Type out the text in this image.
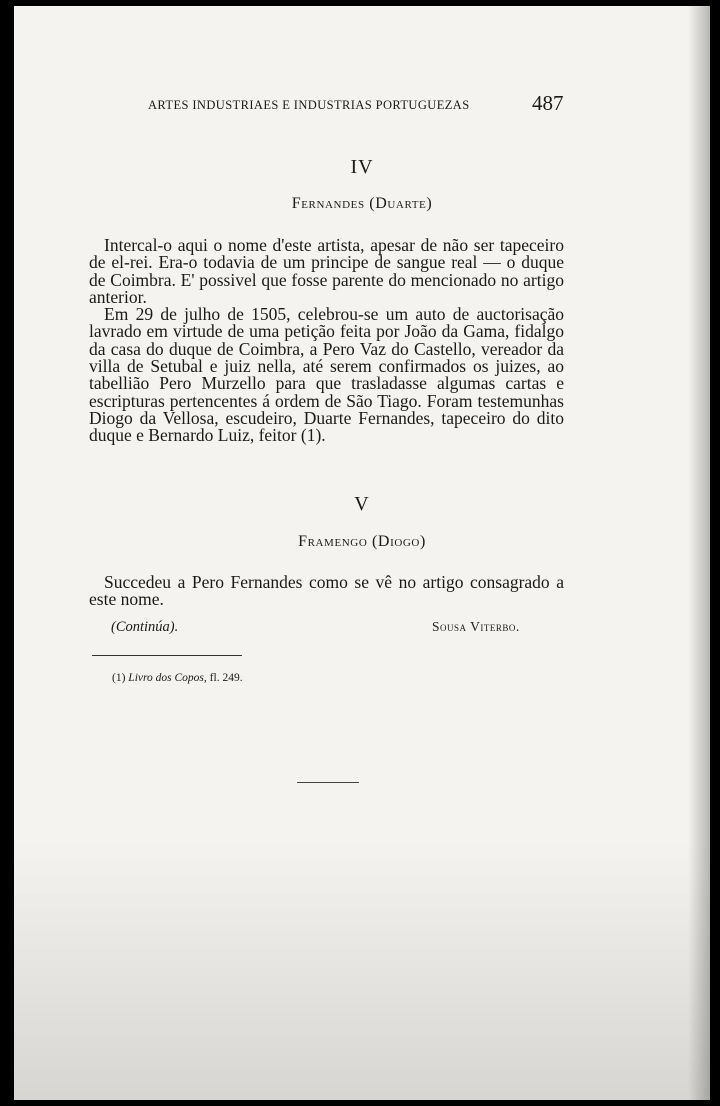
ARTES INDUSTRIAES E INDUSTRIAS PORTUGUEZAS	487
IV
Fernandes (Duarte)

Intercal-o aqui o nome d'este artista, apesar de não ser tapeceiro de el-rei. Era-o todavia de um principe de sangue real — o duque de Coimbra. E' possivel que fosse parente do mencionado no artigo anterior.

Em 29 de julho de 1505, celebrou-se um auto de auctorisação lavrado em virtude de uma petição feita por João da Gama, fidalgo da casa do duque de Coimbra, a Pero Vaz do Castello, vereador da villa de Setubal e juiz nella, até serem confirmados os juizes, ao tabellião Pero Murzello para que trasladasse algumas cartas e escripturas pertencentes á ordem de São Tiago. Foram testemunhas Diogo da Vellosa, escudeiro, Duarte Fernandes, tapeceiro do dito duque e Bernardo Luiz, feitor (1).

V
Framengo (Diogo)

Succedeu a Pero Fernandes como se vê no artigo consagrado a este nome.

(Continúa).	Sousa Viterbo.
(1) Livro dos Copos, fl. 249.
